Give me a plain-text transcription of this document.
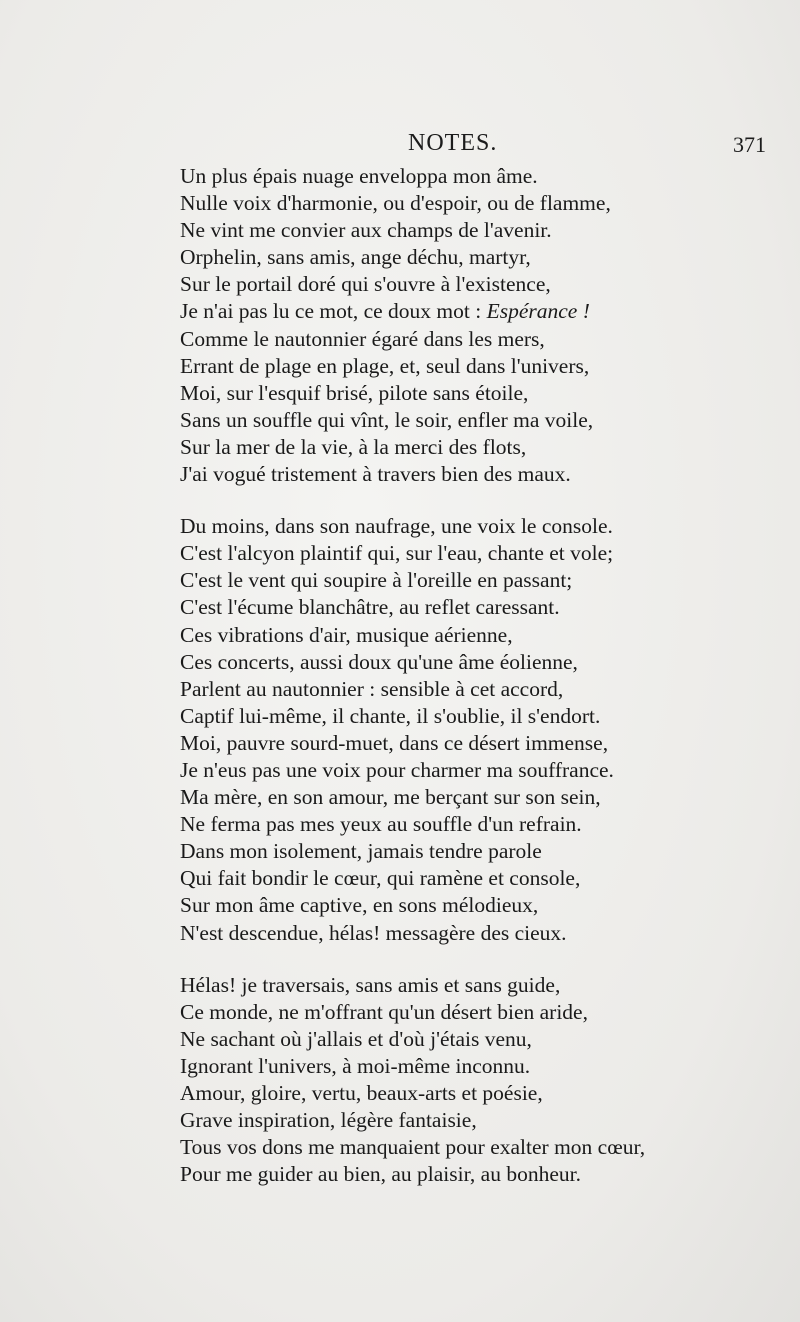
NOTES.	371
Un plus épais nuage enveloppa mon âme.
Nulle voix d'harmonie, ou d'espoir, ou de flamme,
Ne vint me convier aux champs de l'avenir.
Orphelin, sans amis, ange déchu, martyr,
Sur le portail doré qui s'ouvre à l'existence,
Je n'ai pas lu ce mot, ce doux mot : Espérance !
Comme le nautonnier égaré dans les mers,
Errant de plage en plage, et, seul dans l'univers,
Moi, sur l'esquif brisé, pilote sans étoile,
Sans un souffle qui vînt, le soir, enfler ma voile,
Sur la mer de la vie, à la merci des flots,
J'ai vogué tristement à travers bien des maux.
Du moins, dans son naufrage, une voix le console.
C'est l'alcyon plaintif qui, sur l'eau, chante et vole;
C'est le vent qui soupire à l'oreille en passant;
C'est l'écume blanchâtre, au reflet caressant.
Ces vibrations d'air, musique aérienne,
Ces concerts, aussi doux qu'une âme éolienne,
Parlent au nautonnier : sensible à cet accord,
Captif lui-même, il chante, il s'oublie, il s'endort.
Moi, pauvre sourd-muet, dans ce désert immense,
Je n'eus pas une voix pour charmer ma souffrance.
Ma mère, en son amour, me berçant sur son sein,
Ne ferma pas mes yeux au souffle d'un refrain.
Dans mon isolement, jamais tendre parole
Qui fait bondir le cœur, qui ramène et console,
Sur mon âme captive, en sons mélodieux,
N'est descendue, hélas! messagère des cieux.
Hélas! je traversais, sans amis et sans guide,
Ce monde, ne m'offrant qu'un désert bien aride,
Ne sachant où j'allais et d'où j'étais venu,
Ignorant l'univers, à moi-même inconnu.
Amour, gloire, vertu, beaux-arts et poésie,
Grave inspiration, légère fantaisie,
Tous vos dons me manquaient pour exalter mon cœur,
Pour me guider au bien, au plaisir, au bonheur.
